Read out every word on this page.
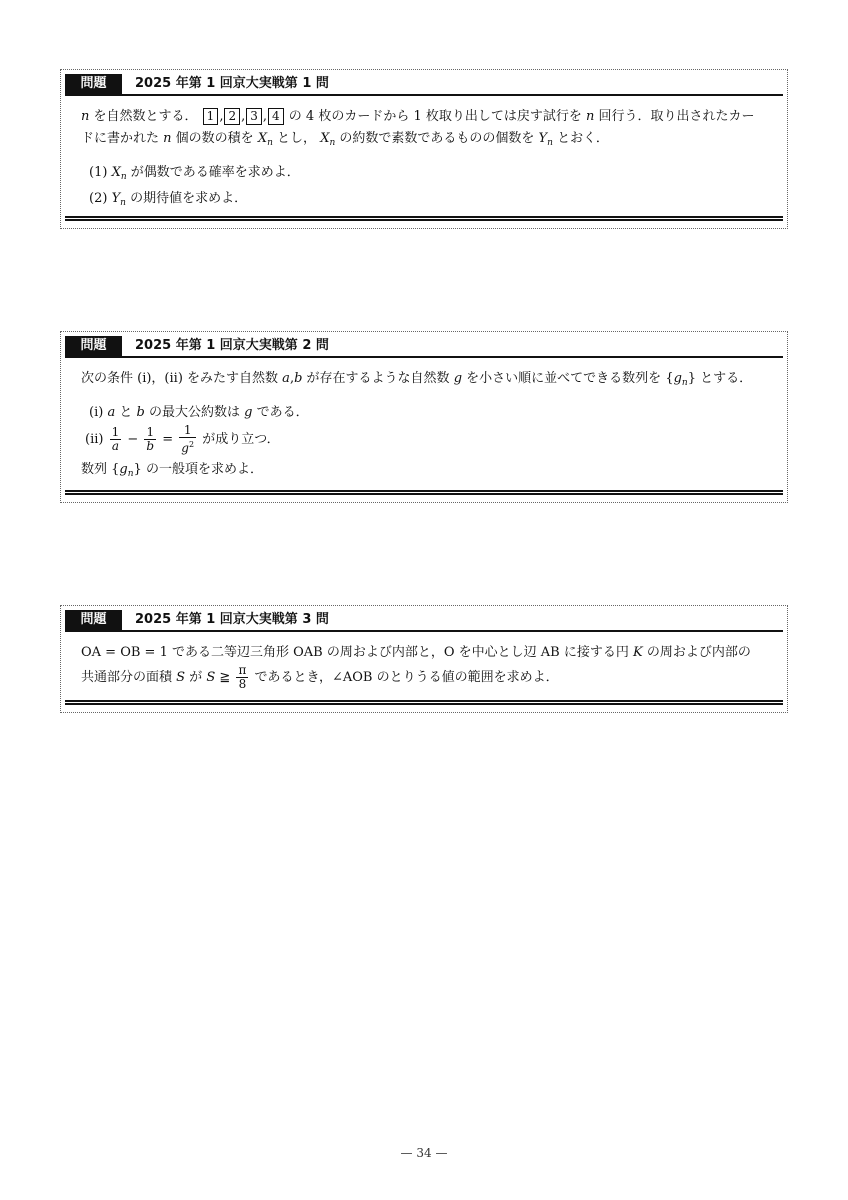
問題	2025 年第 1 回京大実戦第 1 問
n を自然数とする． 1 , 2 , 3 , 4 の 4 枚のカードから 1 枚取り出しては戻す試行を n 回行う．取り出されたカー
ドに書かれた n 個の数の積を $X_n$ とし， $X_n$ の約数で素数であるものの個数を $Y_n$ とおく．
(1) $X_n$ が偶数である確率を求めよ．
(2) $Y_n$ の期待値を求めよ．
問題	2025 年第 1 回京大実戦第 2 問
次の条件 (i)，(ii) をみたす自然数 a,b が存在するような自然数 g を小さい順に並べてできる数列を $\{g_n\}$ とする．
(i) a と b の最大公約数は g である．
$(ii) \frac{1}{a} - \frac{1}{b} = \frac{1}{g^2}$ が成り立つ．
数列 $\{g_n\}$ の一般項を求めよ．
問題	2025 年第 1 回京大実戦第 3 問
OA = OB = 1 である二等辺三角形 OAB の周および内部と，O を中心とし辺 AB に接する円 K の周および内部の
共通部分の面積 S が S ≧ $\frac{\pi}{8}$ であるとき，∠AOB のとりうる値の範囲を求めよ．
— 34 —
